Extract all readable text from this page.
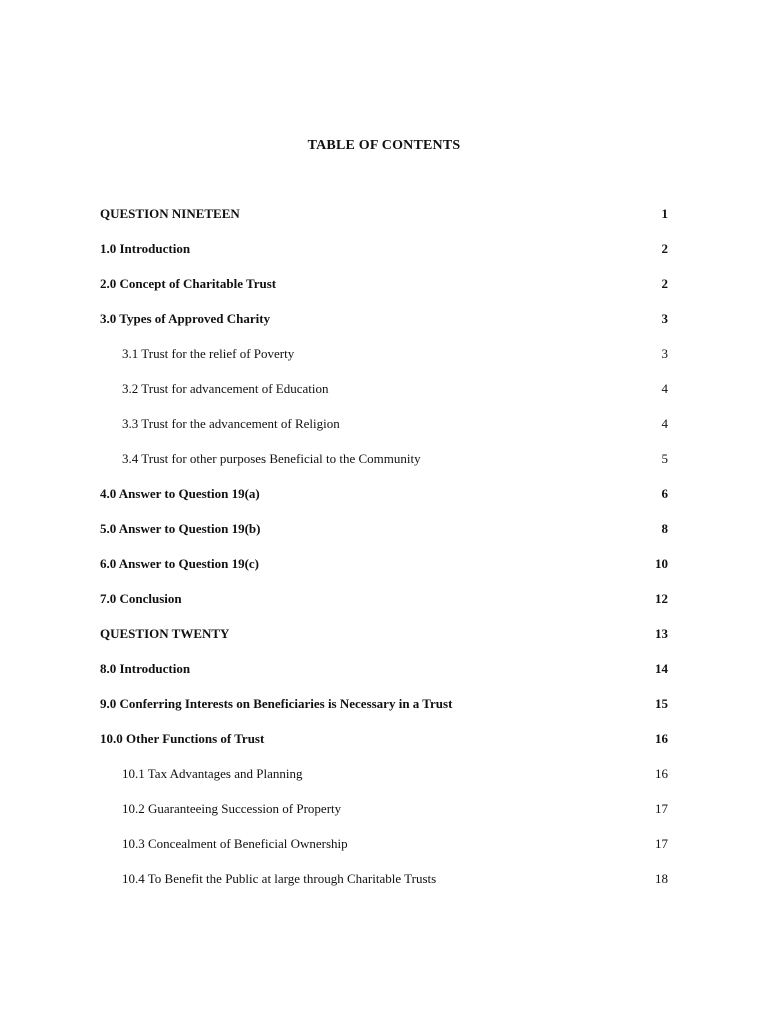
TABLE OF CONTENTS
QUESTION NINETEEN	1
1.0 Introduction	2
2.0 Concept of Charitable Trust	2
3.0 Types of Approved Charity	3
3.1 Trust for the relief of Poverty	3
3.2 Trust for advancement of Education	4
3.3 Trust for the advancement of Religion	4
3.4 Trust for other purposes Beneficial to the Community	5
4.0 Answer to Question 19(a)	6
5.0 Answer to Question 19(b)	8
6.0 Answer to Question 19(c)	10
7.0 Conclusion	12
QUESTION TWENTY	13
8.0 Introduction	14
9.0 Conferring Interests on Beneficiaries is Necessary in a Trust	15
10.0 Other Functions of Trust	16
10.1 Tax Advantages and Planning	16
10.2 Guaranteeing Succession of Property	17
10.3 Concealment of Beneficial Ownership	17
10.4 To Benefit the Public at large through Charitable Trusts	18
